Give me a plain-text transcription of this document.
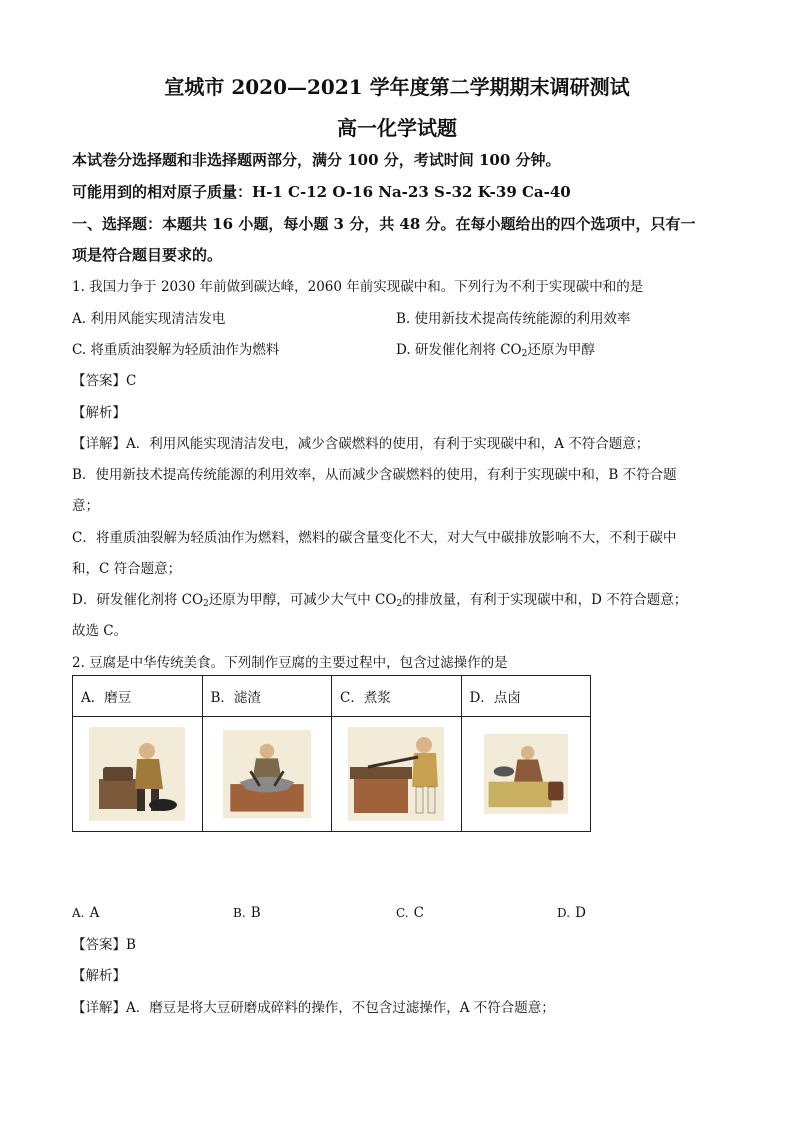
宣城市 2020—2021 学年度第二学期期末调研测试
高一化学试题
本试卷分选择题和非选择题两部分，满分 100 分，考试时间 100 分钟。
可能用到的相对原子质量：H-1 C-12 O-16 Na-23 S-32 K-39 Ca-40
一、选择题：本题共 16 小题，每小题 3 分，共 48 分。在每小题给出的四个选项中，只有一
项是符合题目要求的。
1. 我国力争于 2030 年前做到碳达峰，2060 年前实现碳中和。下列行为不利于实现碳中和的是
A. 利用风能实现清洁发电	B. 使用新技术提高传统能源的利用效率
C. 将重质油裂解为轻质油作为燃料	D. 研发催化剂将 $CO_2$还原为甲醇
【答案】C
【解析】
【详解】A．利用风能实现清洁发电，减少含碳燃料的使用，有利于实现碳中和，A 不符合题意；
B．使用新技术提高传统能源的利用效率，从而减少含碳燃料的使用，有利于实现碳中和，B 不符合题
意；
C．将重质油裂解为轻质油作为燃料，燃料的碳含量变化不大，对大气中碳排放影响不大，不利于碳中
和，C 符合题意；
D．研发催化剂将 $CO_2$还原为甲醇，可减少大气中 $CO_2$的排放量，有利于实现碳中和，D 不符合题意；
故选 C。
2. 豆腐是中华传统美食。下列制作豆腐的主要过程中，包含过滤操作的是
A．磨豆	B．滤渣	C．煮浆	D．点卤

A. A	B. B	C. C	D. D
【答案】B
【解析】
【详解】A．磨豆是将大豆研磨成碎料的操作，不包含过滤操作，A 不符合题意；
